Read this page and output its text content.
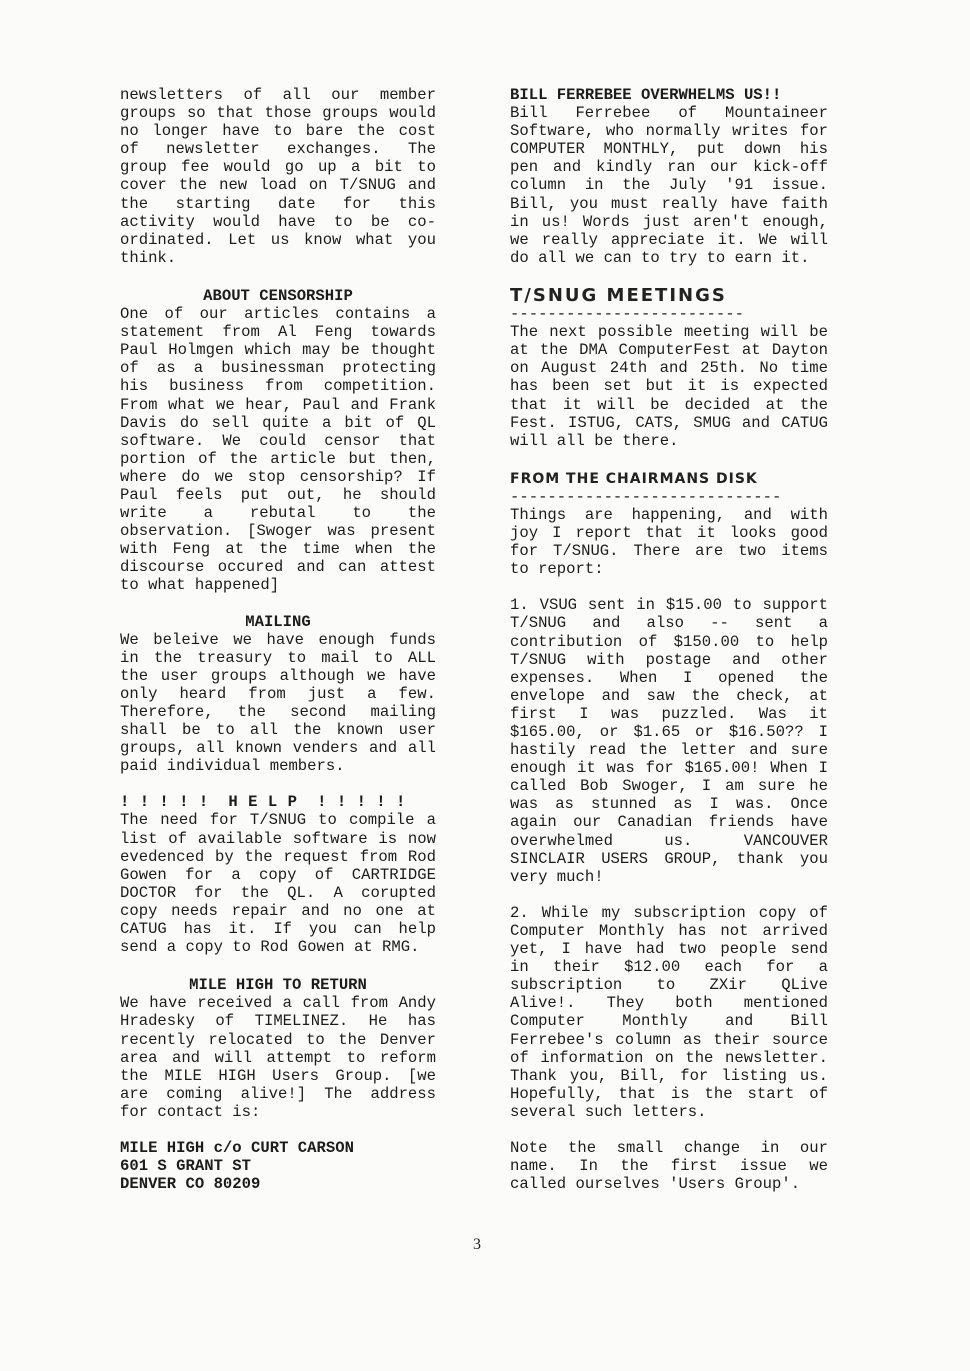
newsletters of all our member groups so that those groups would no longer have to bare the cost of newsletter exchanges. The group fee would go up a bit to cover the new load on T/SNUG and the starting date for this activity would have to be co-ordinated. Let us know what you think.

ABOUT CENSORSHIP

One of our articles contains a statement from Al Feng towards Paul Holmgen which may be thought of as a businessman protecting his business from competition. From what we hear, Paul and Frank Davis do sell quite a bit of QL software. We could censor that portion of the article but then, where do we stop censorship? If Paul feels put out, he should write a rebutal to the observation. [Swoger was present with Feng at the time when the discourse occured and can attest to what happened]

MAILING

We beleive we have enough funds in the treasury to mail to ALL the user groups although we have only heard from just a few. Therefore, the second mailing shall be to all the known user groups, all known venders and all paid individual members.

! ! ! ! !  H E L P  ! ! ! ! !

The need for T/SNUG to compile a list of available software is now evedenced by the request from Rod Gowen for a copy of CARTRIDGE DOCTOR for the QL. A corupted copy needs repair and no one at CATUG has it. If you can help send a copy to Rod Gowen at RMG.

MILE HIGH TO RETURN

We have received a call from Andy Hradesky of TIMELINEZ. He has recently relocated to the Denver area and will attempt to reform the MILE HIGH Users Group. [we are coming alive!] The address for contact is:

MILE HIGH c/o CURT CARSON

601 S GRANT ST

DENVER CO 80209

BILL FERREBEE OVERWHELMS US!!

Bill Ferrebee of Mountaineer Software, who normally writes for COMPUTER MONTHLY, put down his pen and kindly ran our kick-off column in the July '91 issue. Bill, you must really have faith in us! Words just aren't enough, we really appreciate it. We will do all we can to try to earn it.

T/SNUG MEETINGS

-------------------------

The next possible meeting will be at the DMA ComputerFest at Dayton on August 24th and 25th. No time has been set but it is expected that it will be decided at the Fest. ISTUG, CATS, SMUG and CATUG will all be there.

FROM THE CHAIRMANS DISK

-----------------------------

Things are happening, and with joy I report that it looks good for T/SNUG. There are two items to report:

1. VSUG sent in $15.00 to support T/SNUG and also -- sent a contribution of $150.00 to help T/SNUG with postage and other expenses. When I opened the envelope and saw the check, at first I was puzzled. Was it $165.00, or $1.65 or $16.50?? I hastily read the letter and sure enough it was for $165.00! When I called Bob Swoger, I am sure he was as stunned as I was. Once again our Canadian friends have overwhelmed us. VANCOUVER SINCLAIR USERS GROUP, thank you very much!

2. While my subscription copy of Computer Monthly has not arrived yet, I have had two people send in their $12.00 each for a subscription to ZXir QLive Alive!. They both mentioned Computer Monthly and Bill Ferrebee's column as their source of information on the newsletter. Thank you, Bill, for listing us. Hopefully, that is the start of several such letters.

Note the small change in our name. In the first issue we called ourselves 'Users Group'.

3
